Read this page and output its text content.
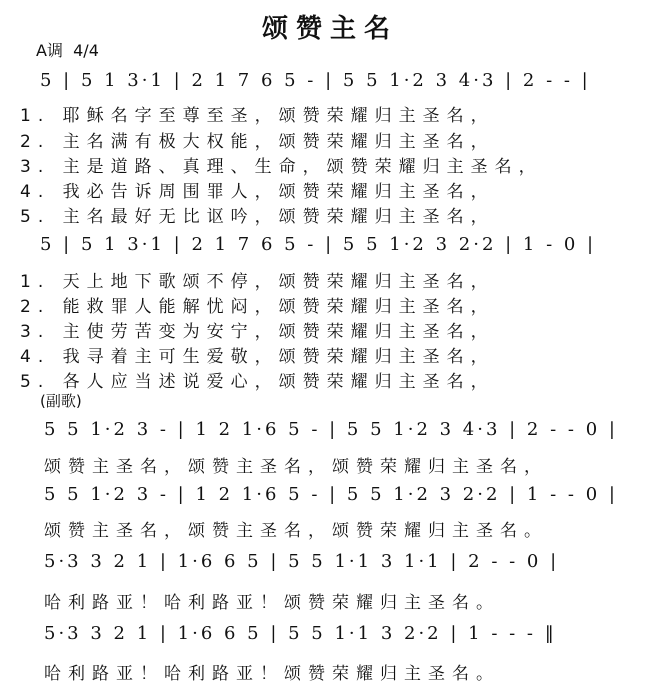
颂赞主名
A调  4/4
5 | 5 1 3·1 | 2 1 7 6 5 - | 5 5 1·2 3 4·3 | 2 - - |
1. 耶稣名字至尊至圣，颂赞荣耀归主圣名，
2. 主名满有极大权能，颂赞荣耀归主圣名，
3. 主是道路、真理、生命，颂赞荣耀归主圣名，
4. 我必告诉周围罪人，颂赞荣耀归主圣名，
5. 主名最好无比讴吟，颂赞荣耀归主圣名，
5 | 5 1 3·1 | 2 1 7 6 5 - | 5 5 1·2 3 2·2 | 1 - 0 |
1. 天上地下歌颂不停，颂赞荣耀归主圣名，
2. 能救罪人能解忧闷，颂赞荣耀归主圣名，
3. 主使劳苦变为安宁，颂赞荣耀归主圣名，
4. 我寻着主可生爱敬，颂赞荣耀归主圣名，
5. 各人应当述说爱心，颂赞荣耀归主圣名，
(副歌)
5 5 1·2 3 - | 1 2 1·6 5 - | 5 5 1·2 3 4·3 | 2 - - 0 |
颂赞主圣名，颂赞主圣名，颂赞荣耀归主圣名，
5 5 1·2 3 - | 1 2 1·6 5 - | 5 5 1·2 3 2·2 | 1 - - 0 |
颂赞主圣名，颂赞主圣名，颂赞荣耀归主圣名。
5·3 3 2 1 | 1·6 6 5 | 5 5 1·1 3 1·1 | 2 - - 0 |
哈利路亚！哈利路亚！颂赞荣耀归主圣名。
5·3 3 2 1 | 1·6 6 5 | 5 5 1·1 3 2·2 | 1 - - - ‖
哈利路亚！哈利路亚！颂赞荣耀归主圣名。
